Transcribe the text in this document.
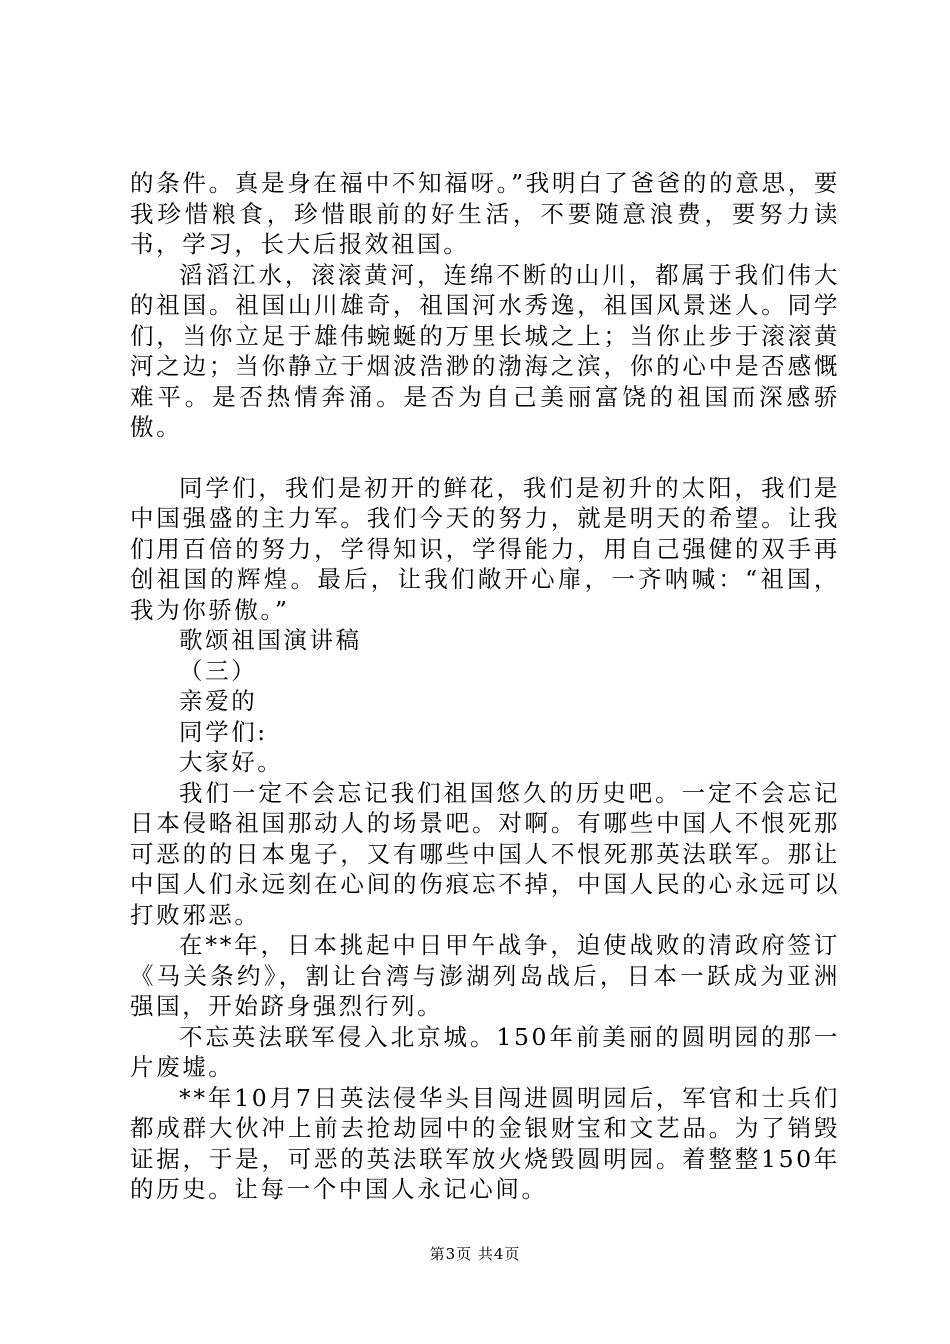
的条件。真是身在福中不知福呀。”我明白了爸爸的的意思，要我珍惜粮食，珍惜眼前的好生活，不要随意浪费，要努力读书，学习，长大后报效祖国。

滔滔江水，滚滚黄河，连绵不断的山川，都属于我们伟大的祖国。祖国山川雄奇，祖国河水秀逸，祖国风景迷人。同学们，当你立足于雄伟蜿蜒的万里长城之上；当你止步于滚滚黄河之边；当你静立于烟波浩渺的渤海之滨，你的心中是否感慨难平。是否热情奔涌。是否为自己美丽富饶的祖国而深感骄傲。

同学们，我们是初开的鲜花，我们是初升的太阳，我们是中国强盛的主力军。我们今天的努力，就是明天的希望。让我们用百倍的努力，学得知识，学得能力，用自己强健的双手再创祖国的辉煌。最后，让我们敞开心扉，一齐呐喊：“祖国，我为你骄傲。”

歌颂祖国演讲稿

（三）

亲爱的

同学们:

大家好。

我们一定不会忘记我们祖国悠久的历史吧。一定不会忘记日本侵略祖国那动人的场景吧。对啊。有哪些中国人不恨死那可恶的的日本鬼子，又有哪些中国人不恨死那英法联军。那让中国人们永远刻在心间的伤痕忘不掉，中国人民的心永远可以打败邪恶。

在**年，日本挑起中日甲午战争，迫使战败的清政府签订《马关条约》，割让台湾与澎湖列岛战后，日本一跃成为亚洲强国，开始跻身强烈行列。

不忘英法联军侵入北京城。150年前美丽的圆明园的那一片废墟。

**年10月7日英法侵华头目闯进圆明园后，军官和士兵们都成群大伙冲上前去抢劫园中的金银财宝和文艺品。为了销毁证据，于是，可恶的英法联军放火烧毁圆明园。着整整150年的历史。让每一个中国人永记心间。

第3页 共4页
